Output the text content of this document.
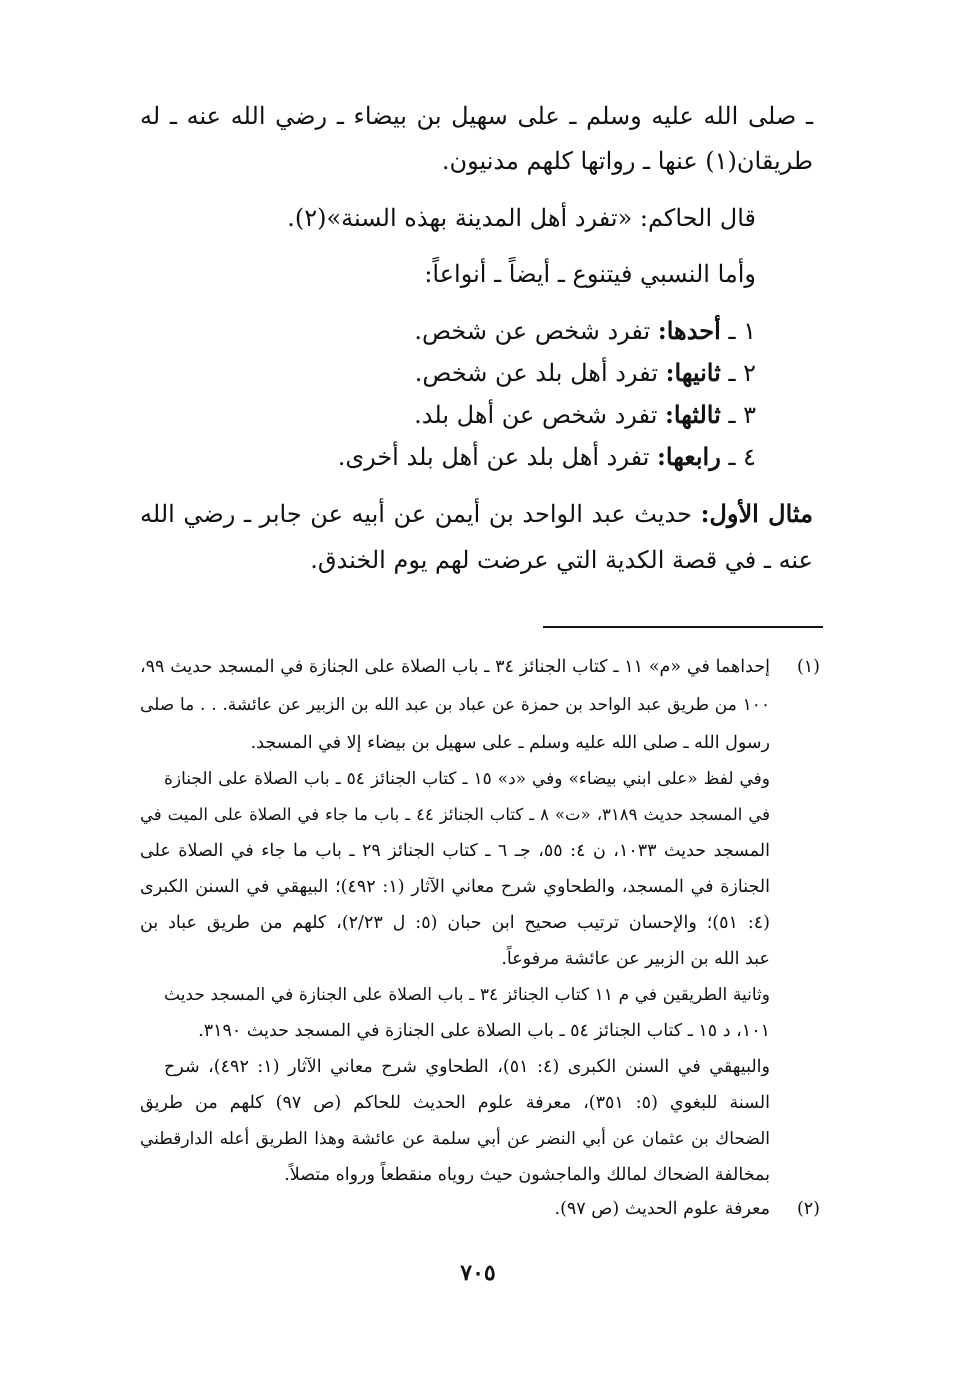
ـ صلى الله عليه وسلم ـ على سهيل بن بيضاء ـ رضي الله عنه ـ له
طريقان(١) عنها ـ رواتها كلهم مدنيون.
قال الحاكم: «تفرد أهل المدينة بهذه السنة»(٢).
وأما النسبي فيتنوع ـ أيضاً ـ أنواعاً:
١ ـ أحدها: تفرد شخص عن شخص.
٢ ـ ثانيها: تفرد أهل بلد عن شخص.
٣ ـ ثالثها: تفرد شخص عن أهل بلد.
٤ ـ رابعها: تفرد أهل بلد عن أهل بلد أخرى.
مثال الأول: حديث عبد الواحد بن أيمن عن أبيه عن جابر ـ رضي الله
عنه ـ في قصة الكدية التي عرضت لهم يوم الخندق.
(١)
إحداهما في «م» ١١ ـ كتاب الجنائز ٣٤ ـ باب الصلاة على الجنازة في المسجد حديث ٩٩،
١٠٠ من طريق عبد الواحد بن حمزة عن عباد بن عبد الله بن الزبير عن عائشة. . . ما صلى
رسول الله ـ صلى الله عليه وسلم ـ على سهيل بن بيضاء إلا في المسجد.
وفي لفظ «على ابني بيضاء» وفي «د» ١٥ ـ كتاب الجنائز ٥٤ ـ باب الصلاة على الجنازة
في المسجد حديث ٣١٨٩، «ت» ٨ ـ كتاب الجنائز ٤٤ ـ باب ما جاء في الصلاة على الميت في
المسجد حديث ١٠٣٣، ن ٤: ٥٥، جـ ٦ ـ كتاب الجنائز ٢٩ ـ باب ما جاء في الصلاة على
الجنازة في المسجد، والطحاوي شرح معاني الآثار (١: ٤٩٢)؛ البيهقي في السنن الكبرى
(٤: ٥١)؛ والإحسان ترتيب صحيح ابن حبان (٥: ل ٢/٢٣)، كلهم من طريق عباد بن
عبد الله بن الزبير عن عائشة مرفوعاً.
وثانية الطريقين في م ١١ كتاب الجنائز ٣٤ ـ باب الصلاة على الجنازة في المسجد حديث
١٠١، د ١٥ ـ كتاب الجنائز ٥٤ ـ باب الصلاة على الجنازة في المسجد حديث ٣١٩٠.
والبيهقي في السنن الكبرى (٤: ٥١)، الطحاوي شرح معاني الآثار (١: ٤٩٢)، شرح
السنة للبغوي (٥: ٣٥١)، معرفة علوم الحديث للحاكم (ص ٩٧) كلهم من طريق
الضحاك بن عثمان عن أبي النضر عن أبي سلمة عن عائشة وهذا الطريق أعله الدارقطني
بمخالفة الضحاك لمالك والماجشون حيث روياه منقطعاً ورواه متصلاً.
(٢)
معرفة علوم الحديث (ص ٩٧).
٧٠٥
